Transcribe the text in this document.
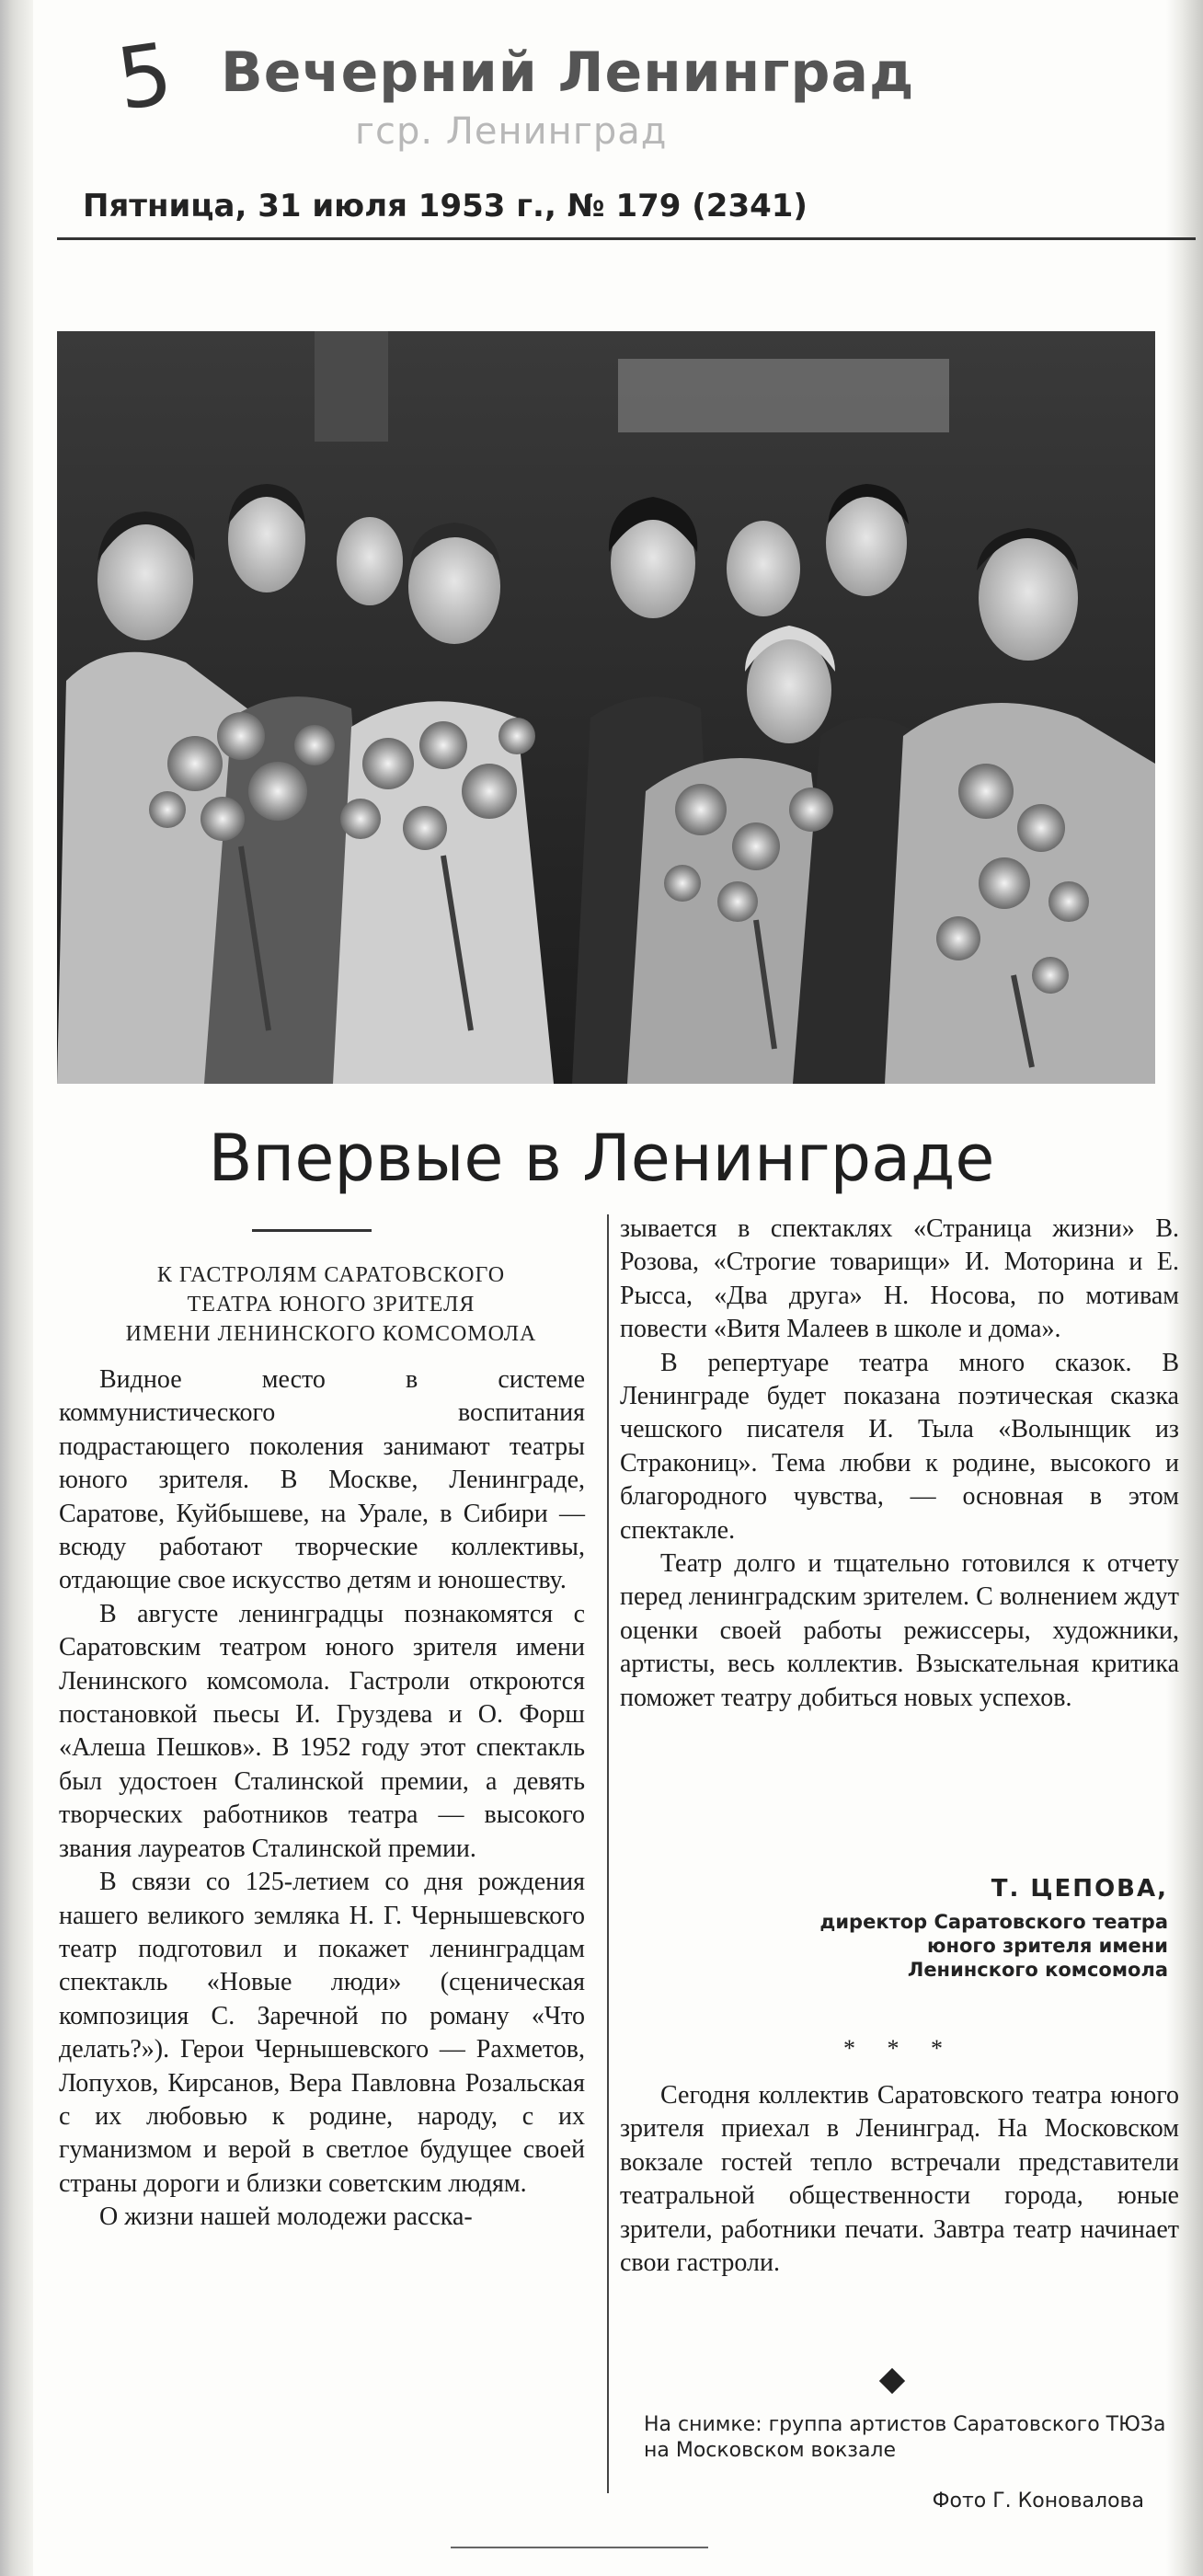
5 Вечерний Ленинград
гср. Ленинград
Пятница, 31 июля 1953 г., № 179 (2341)
Впервые в Ленинграде
К ГАСТРОЛЯМ САРАТОВСКОГО
ТЕАТРА ЮНОГО ЗРИТЕЛЯ
ИМЕНИ ЛЕНИНСКОГО КОМСОМОЛА

Видное место в системе коммунистического воспитания подрастающего поколения занимают театры юного зрителя. В Москве, Ленинграде, Саратове, Куйбышеве, на Урале, в Сибири — всюду работают творческие коллективы, отдающие свое искусство детям и юношеству.

В августе ленинградцы познакомятся с Саратовским театром юного зрителя имени Ленинского комсомола. Гастроли откроются постановкой пьесы И. Груздева и О. Форш «Алеша Пешков». В 1952 году этот спектакль был удостоен Сталинской премии, а девять творческих работников театра — высокого звания лауреатов Сталинской премии.

В связи со 125-летием со дня рождения нашего великого земляка Н. Г. Чернышевского театр подготовил и покажет ленинградцам спектакль «Новые люди» (сценическая композиция С. Заречной по роману «Что делать?»). Герои Чернышевского — Рахметов, Лопухов, Кирсанов, Вера Павловна Розальская с их любовью к родине, народу, с их гуманизмом и верой в светлое будущее своей страны дороги и близки советским людям.

О жизни нашей молодежи расска-

зывается в спектаклях «Страница жизни» В. Розова, «Строгие товарищи» И. Моторина и Е. Рысса, «Два друга» Н. Носова, по мотивам повести «Витя Малеев в школе и дома».

В репертуаре театра много сказок. В Ленинграде будет показана поэтическая сказка чешского писателя И. Тыла «Волынщик из Стракониц». Тема любви к родине, высокого и благородного чувства, — основная в этом спектакле.

Театр долго и тщательно готовился к отчету перед ленинградским зрителем. С волнением ждут оценки своей работы режиссеры, художники, артисты, весь коллектив. Взыскательная критика поможет театру добиться новых успехов.

Т. ЦЕПОВА,
директор Саратовского театра
юного зрителя имени
Ленинского комсомола
* * *

Сегодня коллектив Саратовского театра юного зрителя приехал в Ленинград. На Московском вокзале гостей тепло встречали представители театральной общественности города, юные зрители, работники печати. Завтра театр начинает свои гастроли.

На снимке: группа артистов Саратовского ТЮЗа на Московском вокзале
Фото Г. Коновалова
